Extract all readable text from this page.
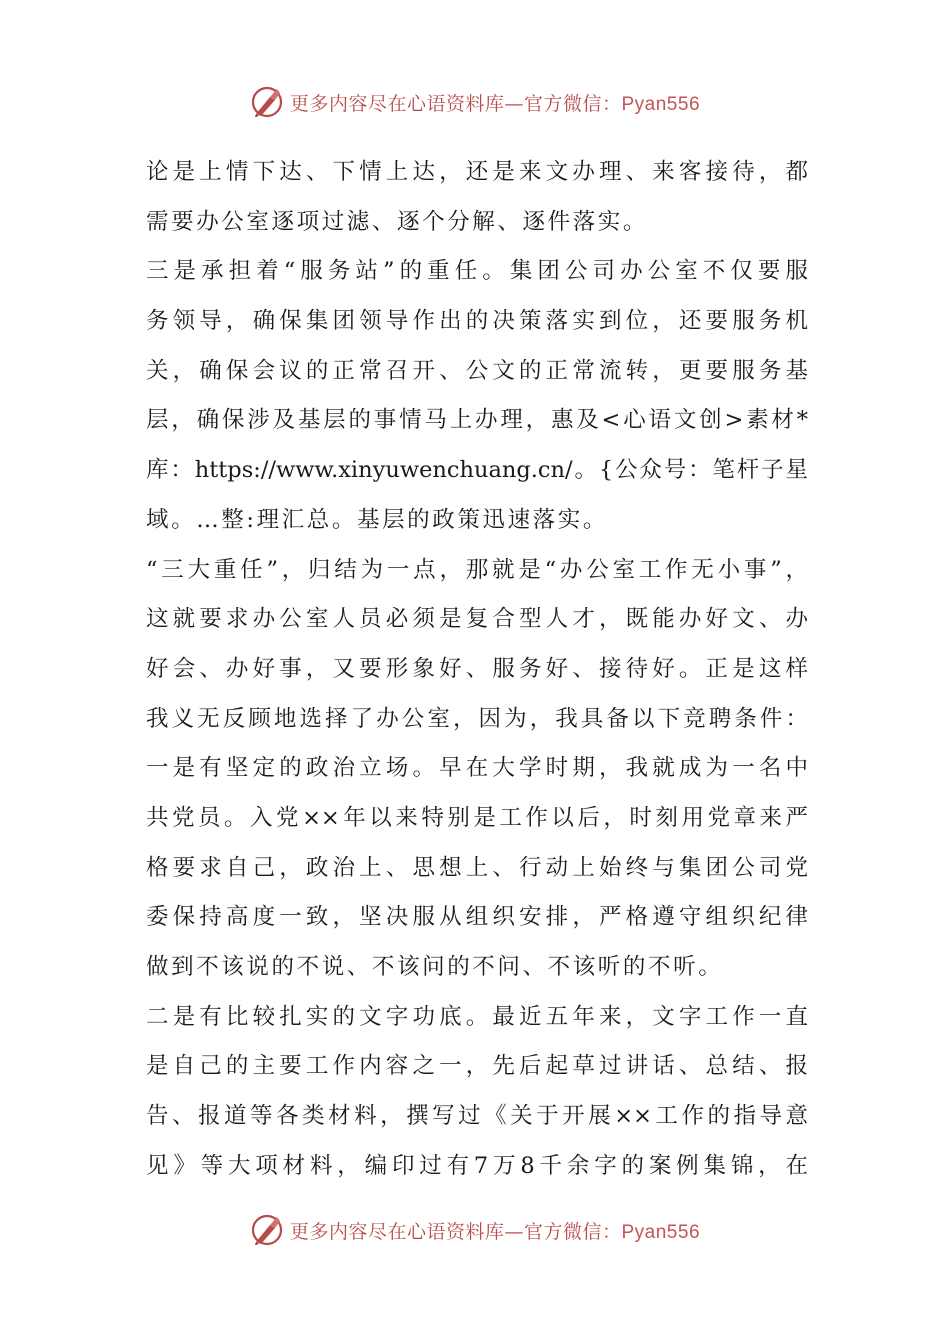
更多内容尽在心语资料库—官方微信：Pyan556
论是上情下达、下情上达，还是来文办理、来客接待，都
需要办公室逐项过滤、逐个分解、逐件落实。
三是承担着“服务站”的重任。集团公司办公室不仅要服
务领导，确保集团领导作出的决策落实到位，还要服务机
关，确保会议的正常召开、公文的正常流转，更要服务基
层，确保涉及基层的事情马上办理，惠及<心语文创>素材*
库：https://www.xinyuwenchuang.cn/。{公众号：笔杆子星
域。…整:理汇总。基层的政策迅速落实。
“三大重任”，归结为一点，那就是“办公室工作无小事”，
这就要求办公室人员必须是复合型人才，既能办好文、办
好会、办好事，又要形象好、服务好、接待好。正是这样
我义无反顾地选择了办公室，因为，我具备以下竞聘条件：
一是有坚定的政治立场。早在大学时期，我就成为一名中
共党员。入党××年以来特别是工作以后，时刻用党章来严
格要求自己，政治上、思想上、行动上始终与集团公司党
委保持高度一致，坚决服从组织安排，严格遵守组织纪律
做到不该说的不说、不该问的不问、不该听的不听。
二是有比较扎实的文字功底。最近五年来，文字工作一直
是自己的主要工作内容之一，先后起草过讲话、总结、报
告、报道等各类材料，撰写过《关于开展××工作的指导意
见》等大项材料，编印过有7万8千余字的案例集锦，在
更多内容尽在心语资料库—官方微信：Pyan556
